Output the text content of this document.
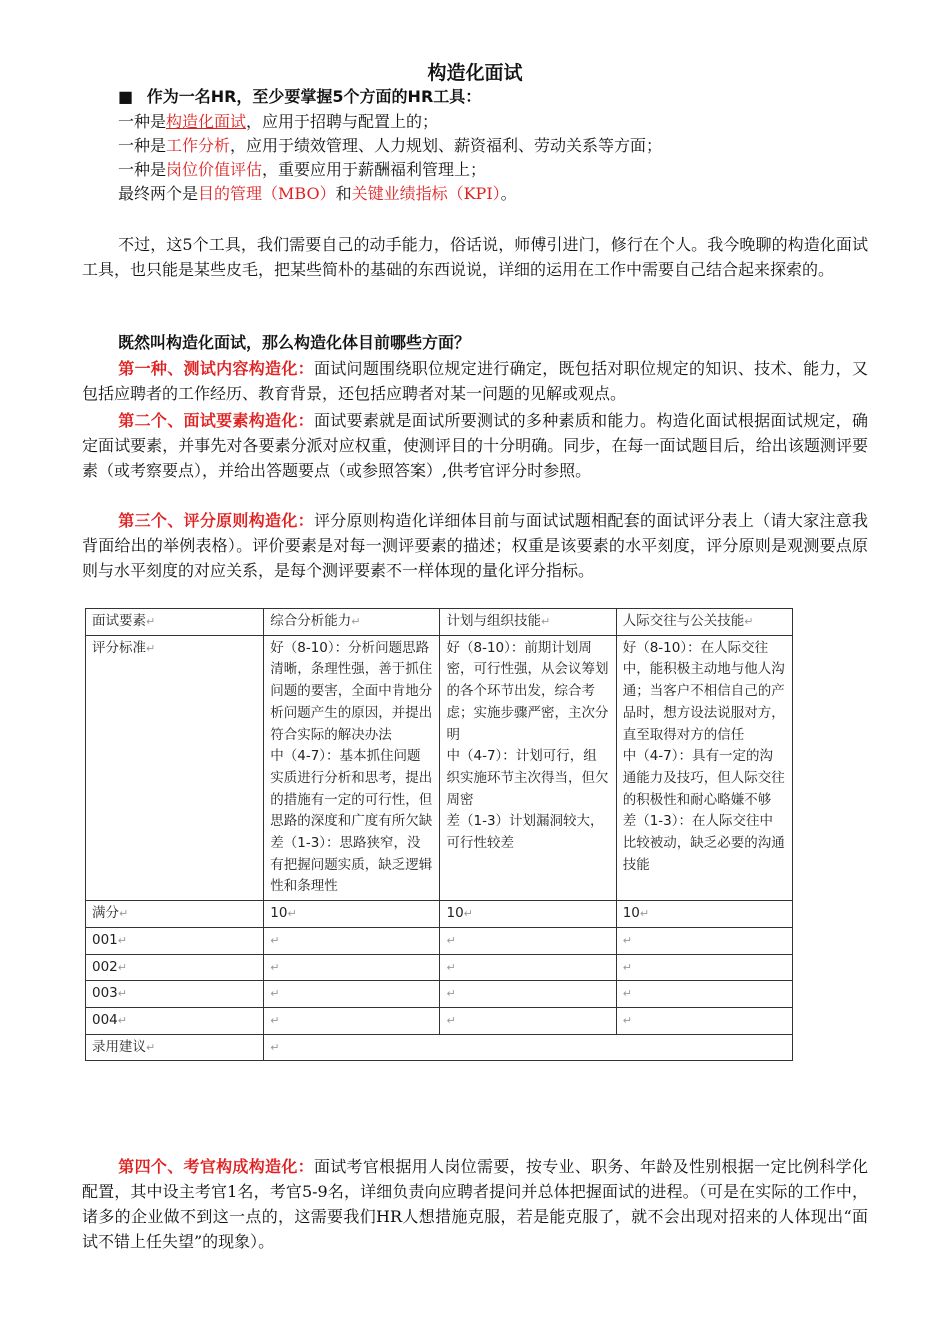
构造化面试
■ 作为一名HR，至少要掌握5个方面的HR工具：
一种是构造化面试，应用于招聘与配置上的；
一种是工作分析，应用于绩效管理、人力规划、薪资福利、劳动关系等方面；
一种是岗位价值评估，重要应用于薪酬福利管理上；
最终两个是目的管理（MBO）和关键业绩指标（KPI）。
不过，这5个工具，我们需要自己的动手能力，俗话说，师傅引进门，修行在个人。我今晚聊的构造化面试工具，也只能是某些皮毛，把某些简朴的基础的东西说说，详细的运用在工作中需要自己结合起来探索的。
既然叫构造化面试，那么构造化体目前哪些方面？
第一种、测试内容构造化：面试问题围绕职位规定进行确定，既包括对职位规定的知识、技术、能力，又包括应聘者的工作经历、教育背景，还包括应聘者对某一问题的见解或观点。
第二个、面试要素构造化：面试要素就是面试所要测试的多种素质和能力。构造化面试根据面试规定，确定面试要素，并事先对各要素分派对应权重，使测评目的十分明确。同步，在每一面试题目后，给出该题测评要素（或考察要点），并给出答题要点（或参照答案）,供考官评分时参照。
第三个、评分原则构造化：评分原则构造化详细体目前与面试试题相配套的面试评分表上（请大家注意我背面给出的举例表格）。评价要素是对每一测评要素的描述；权重是该要素的水平刻度，评分原则是观测要点原则与水平刻度的对应关系，是每个测评要素不一样体现的量化评分指标。
面试要素↵	综合分析能力↵	计划与组织技能↵	人际交往与公关技能↵
评分标准↵	好（8-10）：分析问题思路清晰，条理性强，善于抓住问题的要害，全面中肯地分析问题产生的原因，并提出符合实际的解决办法
中（4-7）：基本抓住问题实质进行分析和思考，提出的措施有一定的可行性，但思路的深度和广度有所欠缺
差（1-3）：思路狭窄，没有把握问题实质，缺乏逻辑性和条理性	好（8-10）：前期计划周密，可行性强，从会议筹划的各个环节出发，综合考虑；实施步骤严密，主次分明
中（4-7）：计划可行，组织实施环节主次得当，但欠周密
差（1-3）计划漏洞较大，可行性较差	好（8-10）：在人际交往中，能积极主动地与他人沟通；当客户不相信自己的产品时，想方设法说服对方，直至取得对方的信任
中（4-7）：具有一定的沟通能力及技巧，但人际交往的积极性和耐心略嫌不够
差（1-3）：在人际交往中比较被动，缺乏必要的沟通技能
满分↵	10↵	10↵	10↵
001↵	↵	↵	↵
002↵	↵	↵	↵
003↵	↵	↵	↵
004↵	↵	↵	↵
录用建议↵	↵		
第四个、考官构成构造化：面试考官根据用人岗位需要，按专业、职务、年龄及性别根据一定比例科学化配置，其中设主考官1名，考官5-9名，详细负责向应聘者提问并总体把握面试的进程。（可是在实际的工作中，诸多的企业做不到这一点的，这需要我们HR人想措施克服，若是能克服了，就不会出现对招来的人体现出“面试不错上任失望”的现象）。
